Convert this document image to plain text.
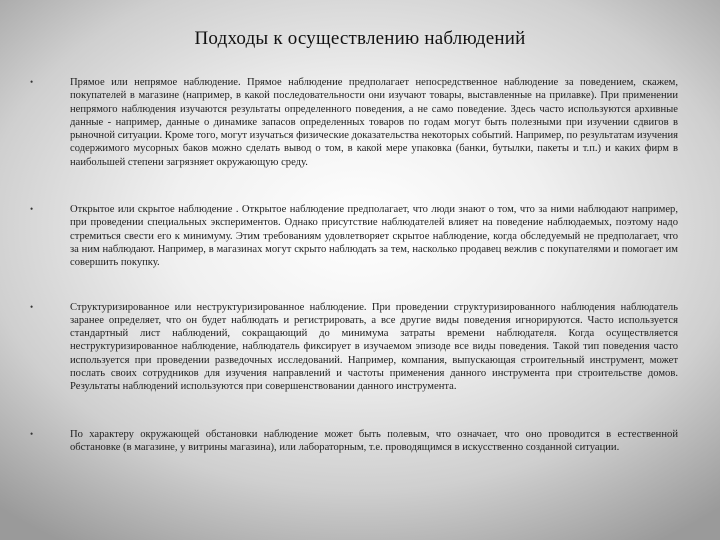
Подходы к осуществлению наблюдений
•	Прямое или непрямое наблюдение. Прямое наблюдение предполагает непосредственное наблюдение за поведением, скажем, покупателей в магазине (например, в какой последовательности они изучают товары, выставленные на прилавке). При применении непрямого наблюдения изучаются результаты определенного поведения, а не само поведение. Здесь часто используются архивные данные - например, данные о динамике запасов определенных товаров по годам могут быть полезными при изучении сдвигов в рыночной ситуации. Кроме того, могут изучаться физические доказательства некоторых событий. Например, по результатам изучения содержимого мусорных баков можно сделать вывод о том, в какой мере упаковка (банки, бутылки, пакеты и т.п.) и каких фирм в наибольшей степени загрязняет окружающую среду.
•	Открытое или скрытое наблюдение . Открытое наблюдение предполагает, что люди знают о том, что за ними наблюдают например, при проведении специальных экспериментов. Однако присутствие наблюдателей влияет на поведение наблюдаемых, поэтому надо стремиться свести его к минимуму. Этим требованиям удовлетворяет скрытое наблюдение, когда обследуемый не предполагает, что за ним наблюдают. Например, в магазинах могут скрыто наблюдать за тем, насколько продавец вежлив с покупателями и помогает им совершить покупку.
•	Структуризированное или неструктуризированное наблюдение. При проведении структуризированного наблюдения наблюдатель заранее определяет, что он будет наблюдать и регистрировать, а все другие виды поведения игнорируются. Часто используется стандартный лист наблюдений, сокращающий до минимума затраты времени наблюдателя. Когда осуществляется неструктуризированное наблюдение, наблюдатель фиксирует в изучаемом эпизоде все виды поведения. Такой тип поведения часто используется при проведении разведочных исследований. Например, компания, выпускающая строительный инструмент, может послать своих сотрудников для изучения направлений и частоты применения данного инструмента при строительстве домов. Результаты наблюдений используются при совершенствовании данного инструмента.
•	По характеру окружающей обстановки наблюдение может быть полевым, что означает, что оно проводится в естественной обстановке (в магазине, у витрины магазина), или лабораторным, т.е. проводящимся в искусственно созданной ситуации.
